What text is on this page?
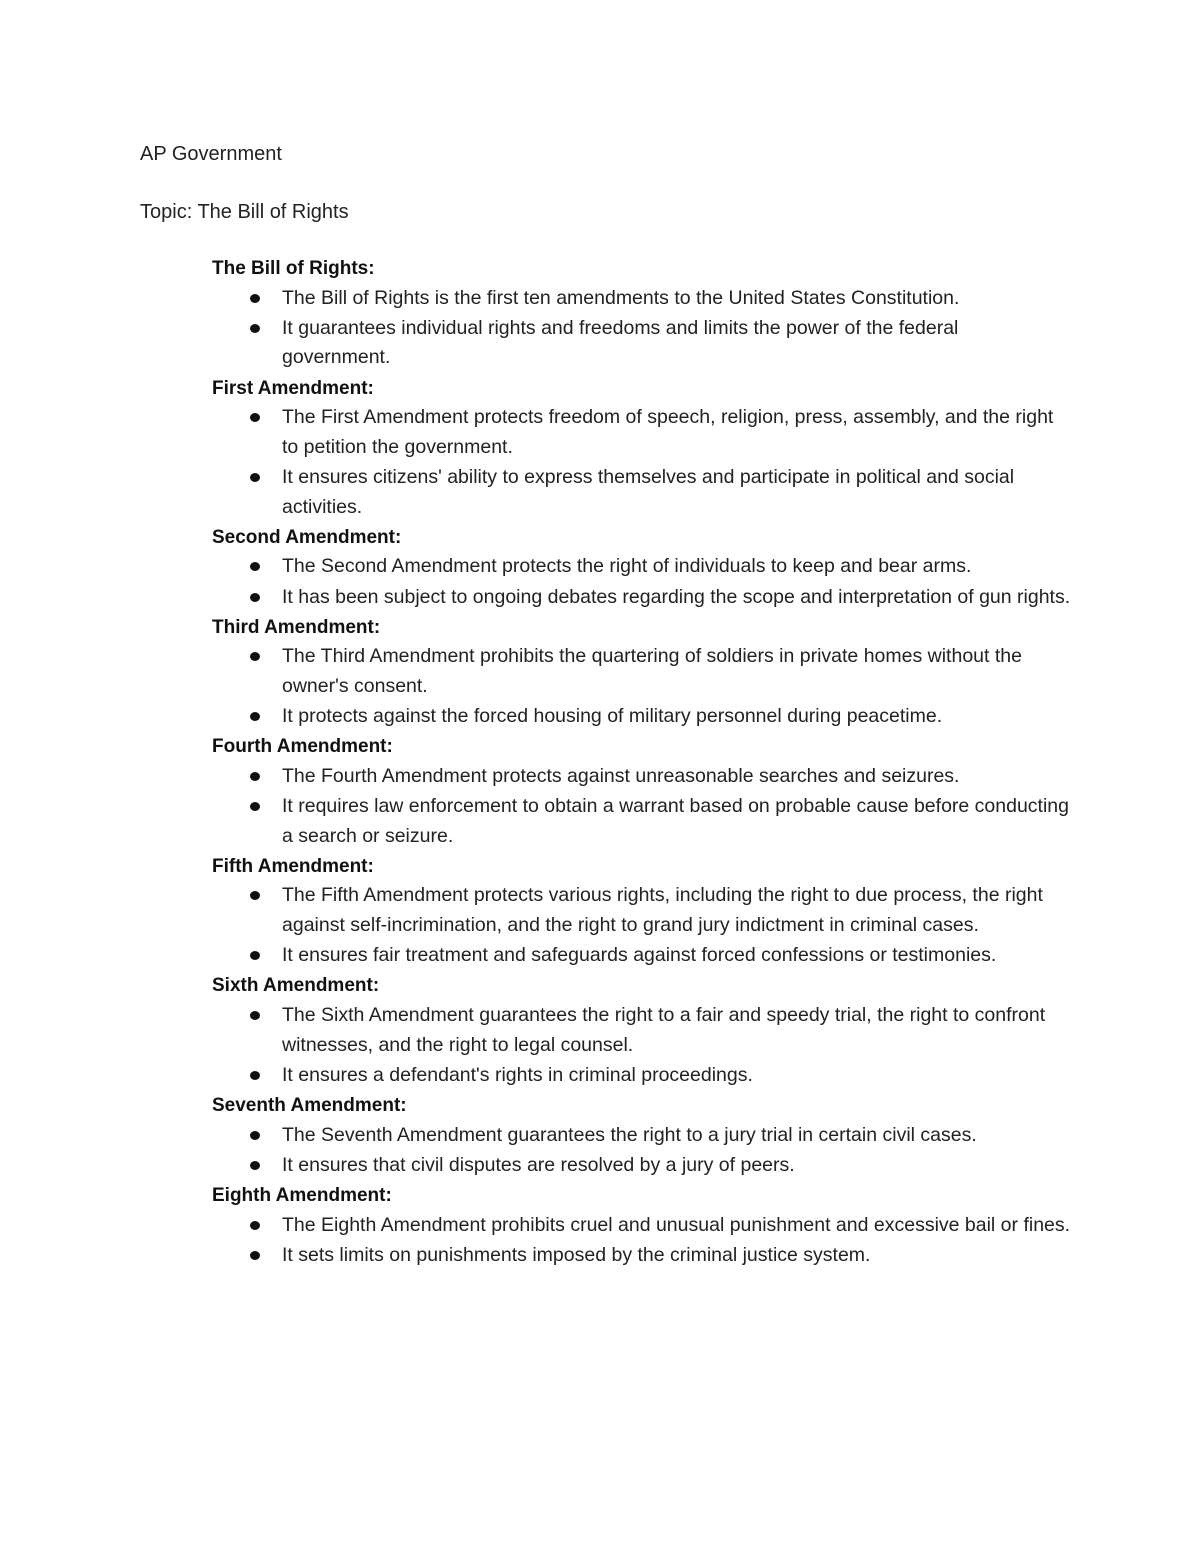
AP Government

Topic: The Bill of Rights

The Bill of Rights:

The Bill of Rights is the first ten amendments to the United States Constitution.
It guarantees individual rights and freedoms and limits the power of the federal government.

First Amendment:

The First Amendment protects freedom of speech, religion, press, assembly, and the right to petition the government.
It ensures citizens' ability to express themselves and participate in political and social activities.

Second Amendment:

The Second Amendment protects the right of individuals to keep and bear arms.
It has been subject to ongoing debates regarding the scope and interpretation of gun rights.

Third Amendment:

The Third Amendment prohibits the quartering of soldiers in private homes without the owner's consent.
It protects against the forced housing of military personnel during peacetime.

Fourth Amendment:

The Fourth Amendment protects against unreasonable searches and seizures.
It requires law enforcement to obtain a warrant based on probable cause before conducting a search or seizure.

Fifth Amendment:

The Fifth Amendment protects various rights, including the right to due process, the right against self-incrimination, and the right to grand jury indictment in criminal cases.
It ensures fair treatment and safeguards against forced confessions or testimonies.

Sixth Amendment:

The Sixth Amendment guarantees the right to a fair and speedy trial, the right to confront witnesses, and the right to legal counsel.
It ensures a defendant's rights in criminal proceedings.

Seventh Amendment:

The Seventh Amendment guarantees the right to a jury trial in certain civil cases.
It ensures that civil disputes are resolved by a jury of peers.

Eighth Amendment:

The Eighth Amendment prohibits cruel and unusual punishment and excessive bail or fines.
It sets limits on punishments imposed by the criminal justice system.
